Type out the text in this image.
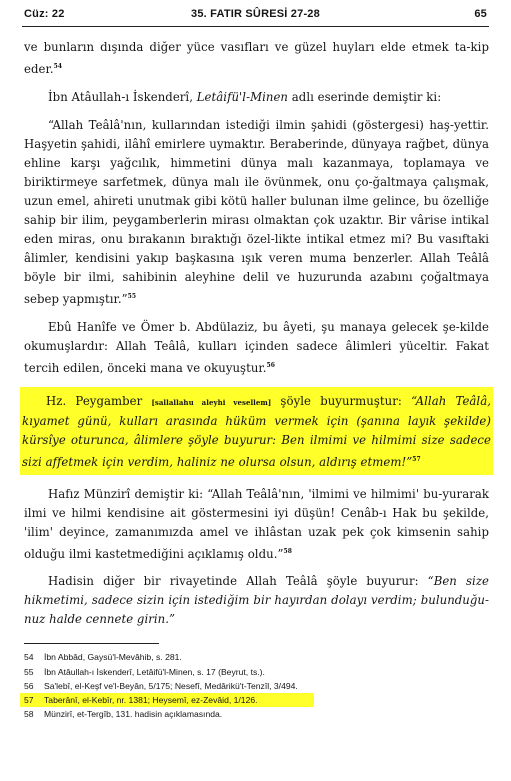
Cüz: 22	35. FATIR SÛRESİ 27-28	65

ve bunların dışında diğer yüce vasıfları ve güzel huyları elde etmek ta-kip eder.$^{54}$

İbn Atâullah-ı İskenderî, Letâifü'l-Minen adlı eserinde demiştir ki:

“Allah Teâlâ'nın, kullarından istediği ilmin şahidi (göstergesi) haş-yettir. Haşyetin şahidi, ilâhî emirlere uymaktır. Beraberinde, dünyaya rağbet, dünya ehline karşı yağcılık, himmetini dünya malı kazanmaya, toplamaya ve biriktirmeye sarfetmek, dünya malı ile övünmek, onu ço-ğaltmaya çalışmak, uzun emel, ahireti unutmak gibi kötü haller bulunan ilme gelince, bu özelliğe sahip bir ilim, peygamberlerin mirası olmaktan çok uzaktır. Bir vârise intikal eden miras, onu bırakanın bıraktığı özel-likte intikal etmez mi? Bu vasıftaki âlimler, kendisini yakıp başkasına ışık veren muma benzerler. Allah Teâlâ böyle bir ilmi, sahibinin aleyhine delil ve huzurunda azabını çoğaltmaya sebep yapmıştır.”$^{55}$

Ebû Hanîfe ve Ömer b. Abdülaziz, bu âyeti, şu manaya gelecek şe-kilde okumuşlardır: Allah Teâlâ, kulları içinden sadece âlimleri yüceltir. Fakat tercih edilen, önceki mana ve okuyuştur.$^{56}$

Hz. Peygamber [sallallahu aleyhi vesellem] şöyle buyurmuştur: “Allah Teâlâ, kıyamet günü, kulları arasında hüküm vermek için (şanına layık şekilde) kürsîye oturunca, âlimlere şöyle buyurur: Ben ilmimi ve hilmimi size sadece sizi affetmek için verdim, haliniz ne olursa olsun, aldırış etmem!”$^{57}$

Hafız Münzirî demiştir ki: “Allah Teâlâ'nın, 'ilmimi ve hilmimi' bu-yurarak ilmi ve hilmi kendisine ait göstermesini iyi düşün! Cenâb-ı Hak bu şekilde, 'ilim' deyince, zamanımızda amel ve ihlâstan uzak pek çok kimsenin sahip olduğu ilmi kastetmediğini açıklamış oldu.”$^{58}$

Hadisin diğer bir rivayetinde Allah Teâlâ şöyle buyurur: “Ben size hikmetimi, sadece sizin için istediğim bir hayırdan dolayı verdim; bulunduğu-nuz halde cennete girin.”

54 İbn Abbâd, Gaysü'l-Mevâhib, s. 281.
55 İbn Atâullah-ı İskenderî, Letâifü'l-Minen, s. 17 (Beyrut, ts.).
56 Sa'lebî, el-Keşf ve'l-Beyân, 5/175; Nesefî, Medârikü't-Tenzîl, 3/494.
57 Taberânî, el-Kebîr, nr. 1381; Heysemî, ez-Zevâid, 1/126.
58 Münzirî, et-Tergîb, 131. hadisin açıklamasında.
